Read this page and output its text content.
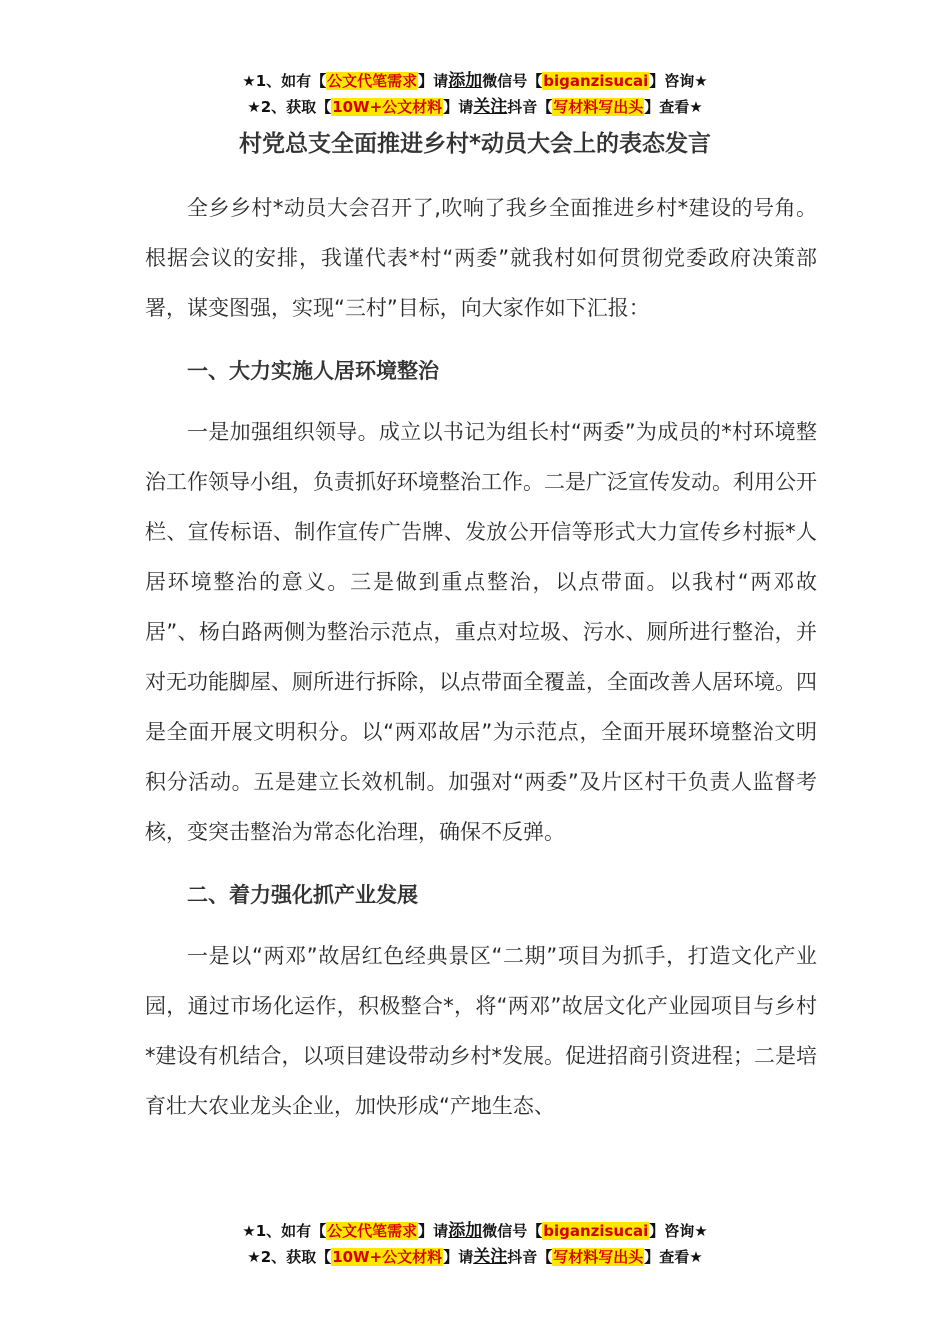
★1、如有【公文代笔需求】请添加微信号【biganzisucai】咨询★
★2、获取【10W+公文材料】请关注抖音【写材料写出头】查看★
村党总支全面推进乡村*动员大会上的表态发言

全乡乡村*动员大会召开了,吹响了我乡全面推进乡村*建设的号角。根据会议的安排，我谨代表*村“两委”就我村如何贯彻党委政府决策部署，谋变图强，实现“三村”目标，向大家作如下汇报：

一、大力实施人居环境整治

一是加强组织领导。成立以书记为组长村“两委”为成员的*村环境整治工作领导小组，负责抓好环境整治工作。二是广泛宣传发动。利用公开栏、宣传标语、制作宣传广告牌、发放公开信等形式大力宣传乡村振*人居环境整治的意义。三是做到重点整治，以点带面。以我村“两邓故居”、杨白路两侧为整治示范点，重点对垃圾、污水、厕所进行整治，并对无功能脚屋、厕所进行拆除，以点带面全覆盖，全面改善人居环境。四是全面开展文明积分。以“两邓故居”为示范点，全面开展环境整治文明积分活动。五是建立长效机制。加强对“两委”及片区村干负责人监督考核，变突击整治为常态化治理，确保不反弹。

二、着力强化抓产业发展

一是以“两邓”故居红色经典景区“二期”项目为抓手，打造文化产业园，通过市场化运作，积极整合*，将“两邓”故居文化产业园项目与乡村*建设有机结合，以项目建设带动乡村*发展。促进招商引资进程；二是培育壮大农业龙头企业，加快形成“产地生态、

★1、如有【公文代笔需求】请添加微信号【biganzisucai】咨询★
★2、获取【10W+公文材料】请关注抖音【写材料写出头】查看★
